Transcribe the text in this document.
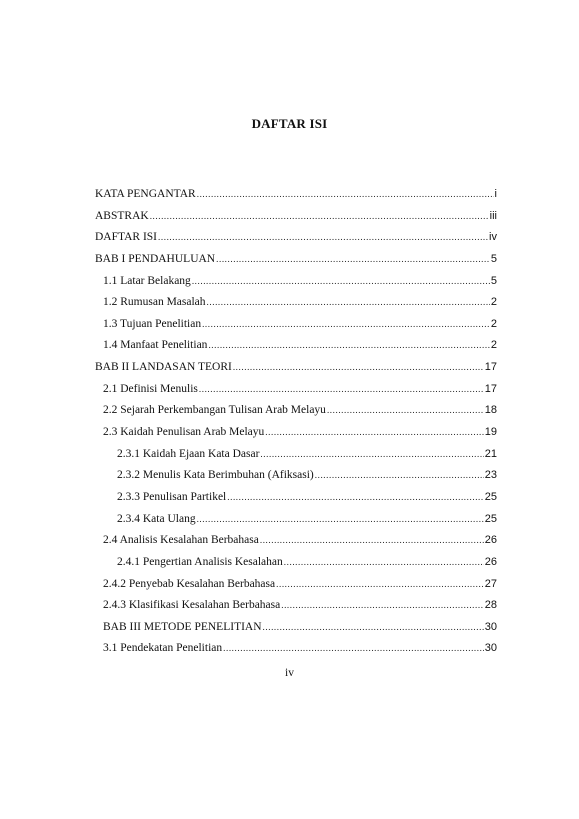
DAFTAR ISI
KATA PENGANTAR .....	i
ABSTRAK .....	iii
DAFTAR ISI .....	iv
BAB I PENDAHULUAN .....	5
1.1 Latar Belakang .....	5
1.2 Rumusan Masalah .....	2
1.3 Tujuan Penelitian .....	2
1.4 Manfaat Penelitian .....	2
BAB II LANDASAN TEORI .....	17
2.1 Definisi Menulis .....	17
2.2 Sejarah Perkembangan Tulisan Arab Melayu .....	18
2.3 Kaidah Penulisan Arab Melayu .....	19
2.3.1 Kaidah Ejaan Kata Dasar .....	21
2.3.2 Menulis Kata Berimbuhan (Afiksasi) .....	23
2.3.3 Penulisan Partikel .....	25
2.3.4 Kata Ulang .....	25
2.4 Analisis Kesalahan Berbahasa .....	26
2.4.1 Pengertian Analisis Kesalahan .....	26
2.4.2 Penyebab Kesalahan Berbahasa .....	27
2.4.3 Klasifikasi Kesalahan Berbahasa .....	28
BAB III METODE PENELITIAN .....	30
3.1 Pendekatan Penelitian .....	30
iv
